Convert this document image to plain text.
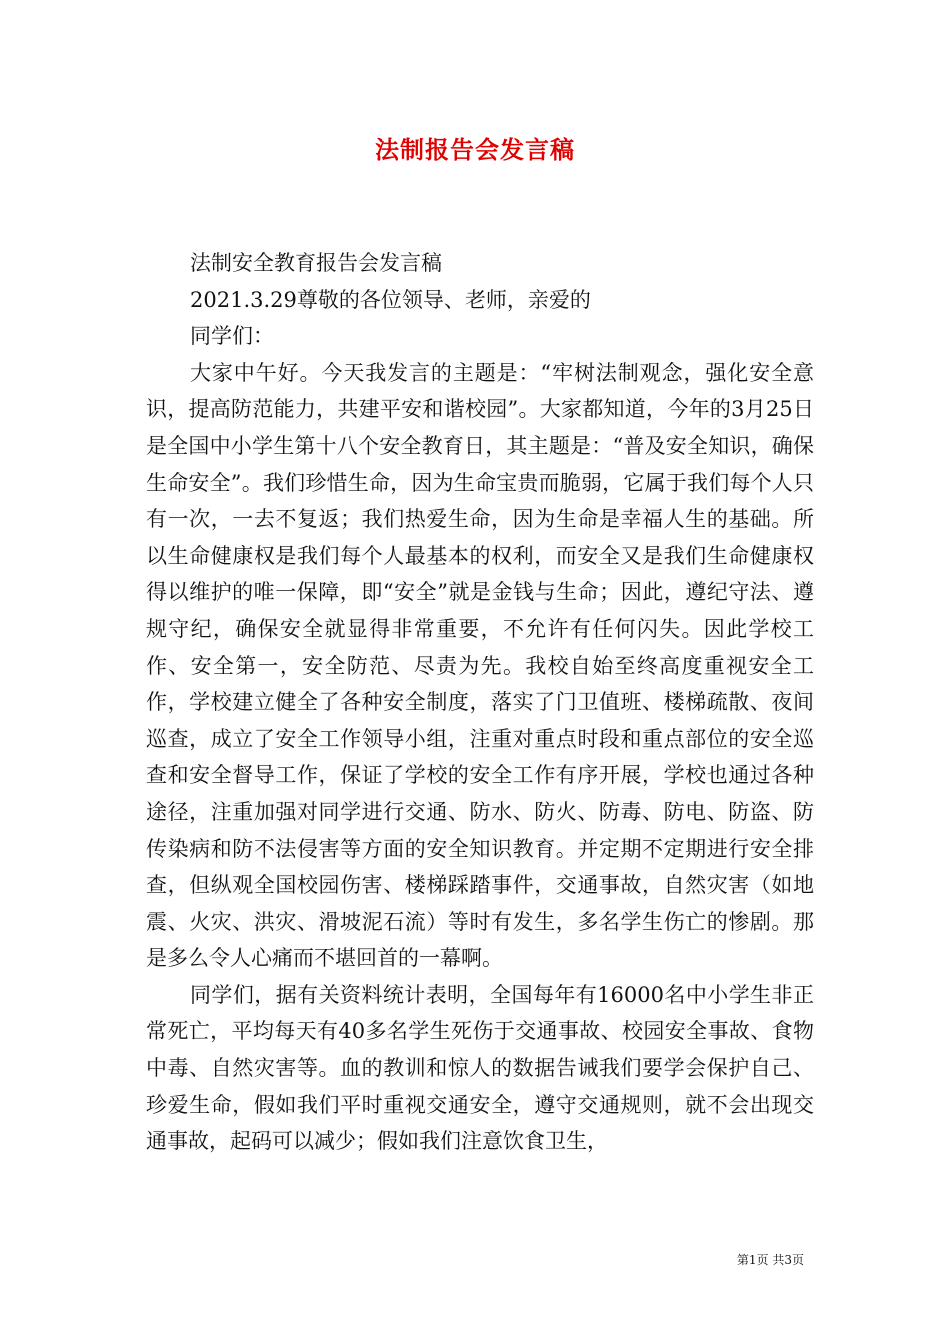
法制报告会发言稿

法制安全教育报告会发言稿

2021.3.29尊敬的各位领导、老师，亲爱的

同学们：

大家中午好。今天我发言的主题是：“牢树法制观念，强化安全意识，提高防范能力，共建平安和谐校园”。大家都知道，今年的3月25日是全国中小学生第十八个安全教育日，其主题是：“普及安全知识，确保生命安全”。我们珍惜生命，因为生命宝贵而脆弱，它属于我们每个人只有一次，一去不复返；我们热爱生命，因为生命是幸福人生的基础。所以生命健康权是我们每个人最基本的权利，而安全又是我们生命健康权得以维护的唯一保障，即“安全”就是金钱与生命；因此，遵纪守法、遵规守纪，确保安全就显得非常重要，不允许有任何闪失。因此学校工作、安全第一，安全防范、尽责为先。我校自始至终高度重视安全工作，学校建立健全了各种安全制度，落实了门卫值班、楼梯疏散、夜间巡查，成立了安全工作领导小组，注重对重点时段和重点部位的安全巡查和安全督导工作，保证了学校的安全工作有序开展，学校也通过各种途径，注重加强对同学进行交通、防水、防火、防毒、防电、防盗、防传染病和防不法侵害等方面的安全知识教育。并定期不定期进行安全排查，但纵观全国校园伤害、楼梯踩踏事件，交通事故，自然灾害（如地震、火灾、洪灾、滑坡泥石流）等时有发生，多名学生伤亡的惨剧。那是多么令人心痛而不堪回首的一幕啊。

同学们，据有关资料统计表明，全国每年有16000名中小学生非正常死亡，平均每天有40多名学生死伤于交通事故、校园安全事故、食物中毒、自然灾害等。血的教训和惊人的数据告诫我们要学会保护自己、珍爱生命，假如我们平时重视交通安全，遵守交通规则，就不会出现交通事故，起码可以减少；假如我们注意饮食卫生，

第1页 共3页
